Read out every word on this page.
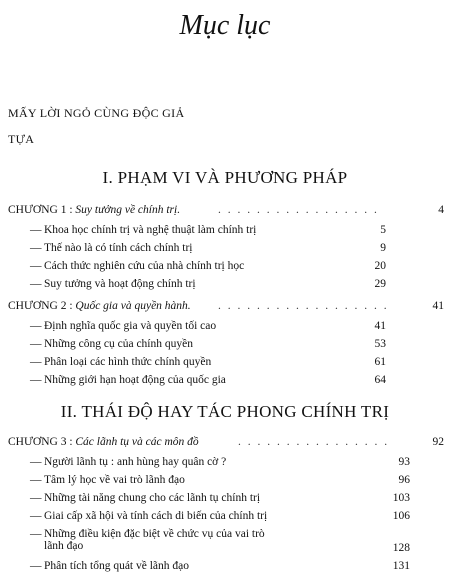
Mục lục
MẤY LỜI NGỎ CÙNG ĐỘC GIẢ
TỰA
I. PHẠM VI VÀ PHƯƠNG PHÁP
CHƯƠNG 1 : Suy tưởng về chính trị.	. . . . . . . . . . . . . . . . .	4
— Khoa học chính trị và nghệ thuật làm chính trị	5
— Thế nào là có tính cách chính trị	9
— Cách thức nghiên cứu của nhà chính trị học	20
— Suy tưởng và hoạt động chính trị	29
CHƯƠNG 2 : Quốc gia và quyền hành. . . . . . . . . . . . . . . . . . .	41
— Định nghĩa quốc gia và quyền tối cao	41
— Những công cụ của chính quyền	53
— Phân loại các hình thức chính quyền	61
— Những giới hạn hoạt động của quốc gia	64
II. THÁI ĐỘ HAY TÁC PHONG CHÍNH TRỊ
CHƯƠNG 3 : Các lãnh tụ và các môn đồ	. . . . . . . . . . . . . . . .	92
— Người lãnh tụ : anh hùng hay quân cờ ?	93
— Tâm lý học về vai trò lãnh đạo	96
— Những tài năng chung cho các lãnh tụ chính trị	103
— Giai cấp xã hội và tính cách di biến của chính trị	106
— Những điều kiện đặc biệt về chức vụ của vai trò
lãnh đạo	128
— Phân tích tổng quát về lãnh đạo	131
